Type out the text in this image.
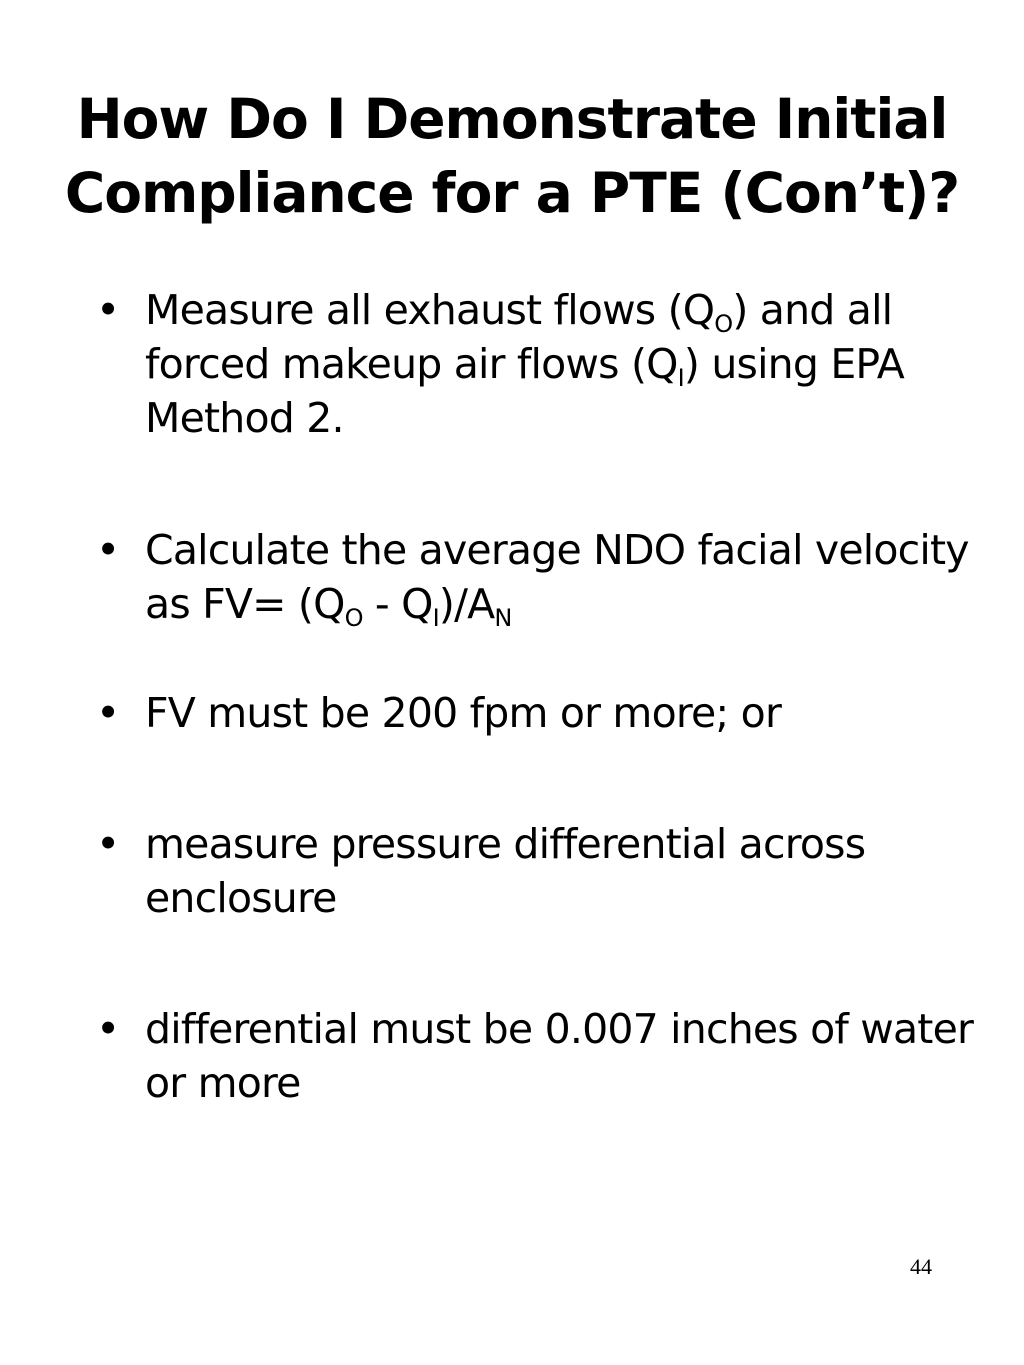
How Do I Demonstrate Initial
Compliance for a PTE (Con’t)?
• Measure all exhaust flows $(Q_O)$ and all forced makeup air flows $(Q_I)$ using EPA Method 2.
• Calculate the average NDO facial velocity as $FV= (Q_O - Q_I)/A_N$
• FV must be 200 fpm or more; or
• measure pressure differential across enclosure
• differential must be 0.007 inches of water or more
44
